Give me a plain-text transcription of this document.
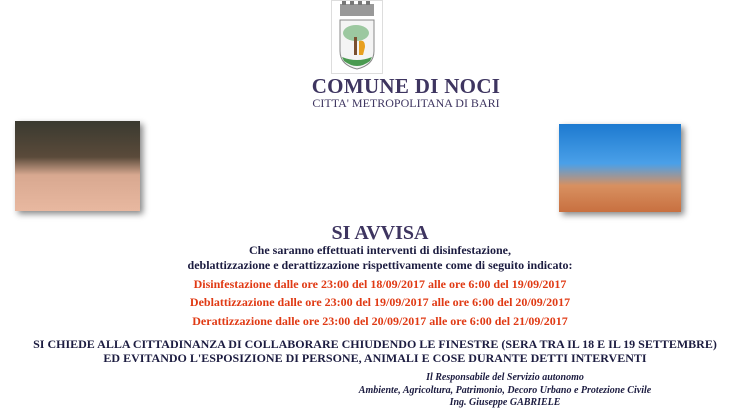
COMUNE DI NOCI
CITTA' METROPOLITANA DI BARI
SI AVVISA
Che saranno effettuati interventi di disinfestazione,
deblattizzazione e derattizzazione rispettivamente come di seguito indicato:
Disinfestazione dalle ore 23:00 del 18/09/2017 alle ore 6:00 del 19/09/2017
Deblattizzazione dalle ore 23:00 del 19/09/2017 alle ore 6:00 del 20/09/2017
Derattizzazione dalle ore 23:00 del 20/09/2017 alle ore 6:00 del 21/09/2017
SI CHIEDE ALLA CITTADINANZA DI COLLABORARE CHIUDENDO LE FINESTRE (SERA TRA IL 18 E IL 19 SETTEMBRE)
ED EVITANDO L'ESPOSIZIONE DI PERSONE, ANIMALI E COSE DURANTE DETTI INTERVENTI
Il Responsabile del Servizio autonomo
Ambiente, Agricoltura, Patrimonio, Decoro Urbano e Protezione Civile
Ing. Giuseppe GABRIELE
